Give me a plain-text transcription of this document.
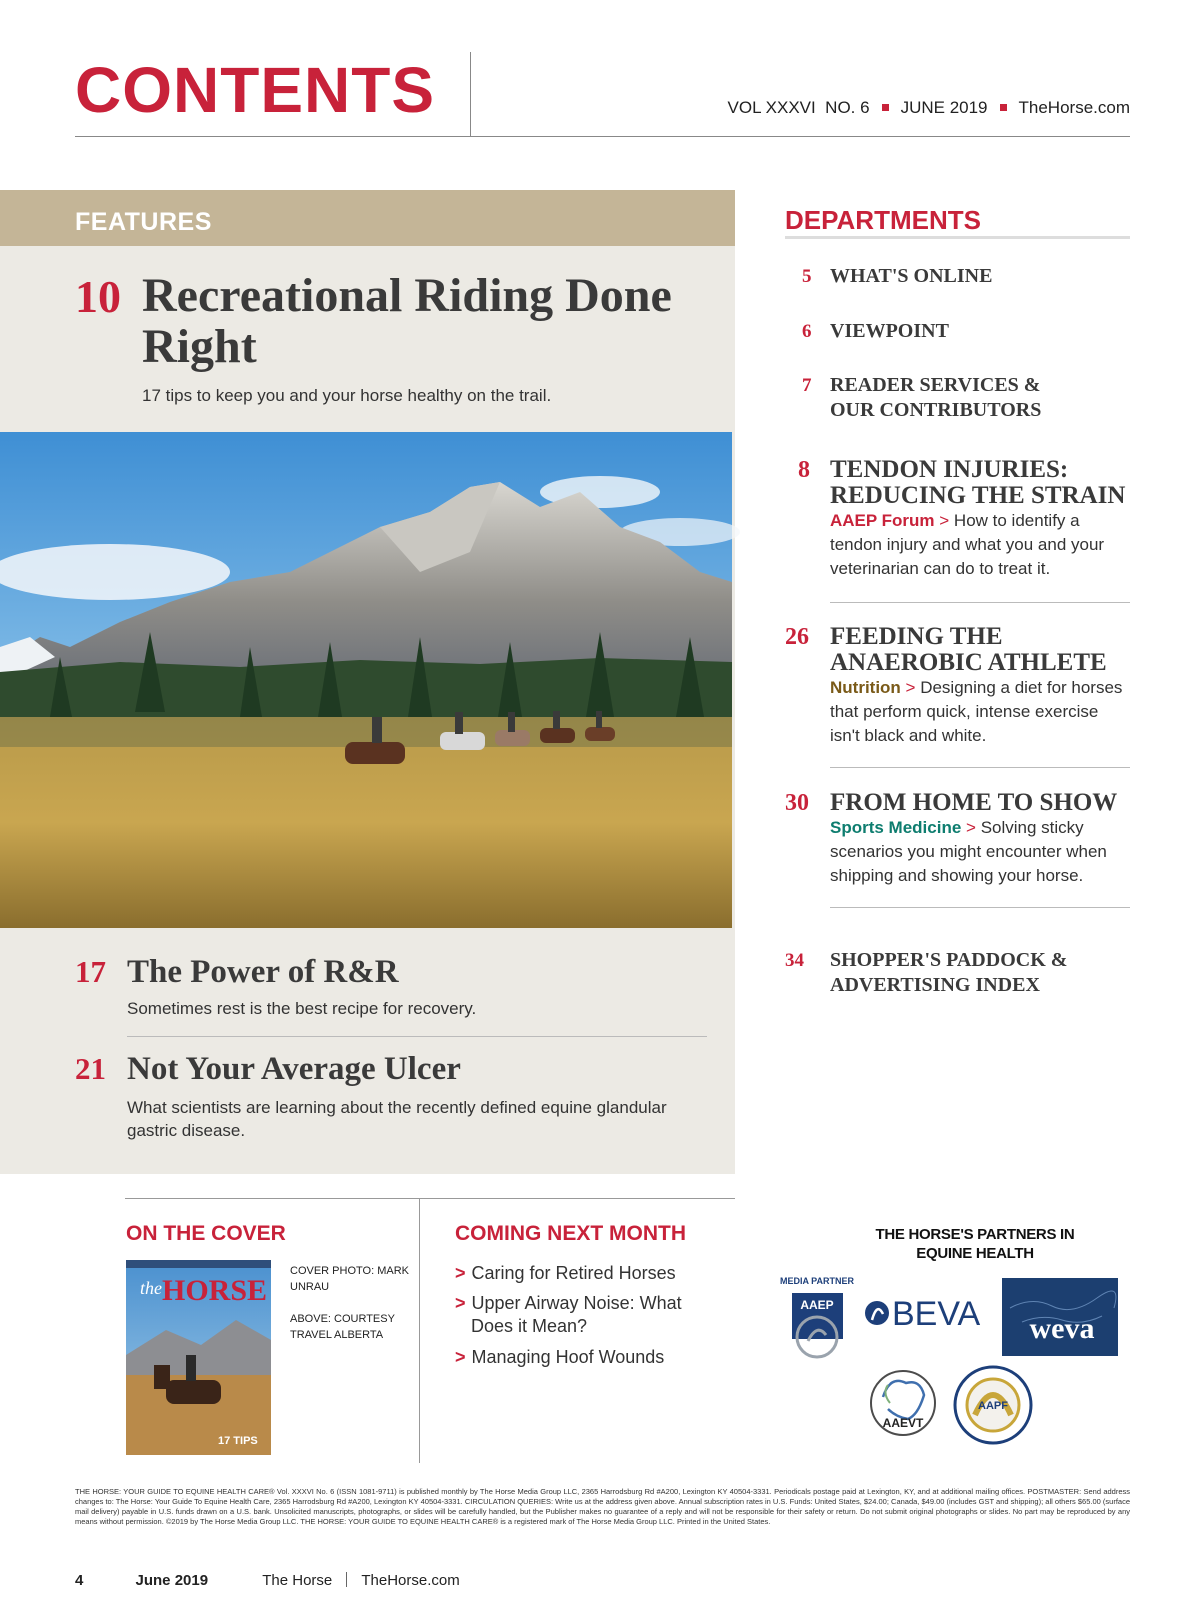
CONTENTS	VOL XXXVI  NO. 6 JUNE 2019 TheHorse.com
FEATURES
10 Recreational Riding Done Right
17 tips to keep you and your horse healthy on the trail.
17 The Power of R&R
Sometimes rest is the best recipe for recovery.
21 Not Your Average Ulcer
What scientists are learning about the recently defined equine glandular gastric disease.
DEPARTMENTS
5 WHAT'S ONLINE
6 VIEWPOINT
7 READER SERVICES & OUR CONTRIBUTORS
8 TENDON INJURIES: REDUCING THE STRAIN
AAEP Forum > How to identify a tendon injury and what you and your veterinarian can do to treat it.
26 FEEDING THE ANAEROBIC ATHLETE
Nutrition > Designing a diet for horses that perform quick, intense exercise isn't black and white.
30 FROM HOME TO SHOW
Sports Medicine > Solving sticky scenarios you might encounter when shipping and showing your horse.
34 SHOPPER'S PADDOCK & ADVERTISING INDEX
ON THE COVER
the HORSE
17 TIPS
COVER PHOTO: MARK UNRAU
ABOVE: COURTESY TRAVEL ALBERTA
COMING NEXT MONTH
> Caring for Retired Horses
> Upper Airway Noise: What Does it Mean?
> Managing Hoof Wounds
THE HORSE'S PARTNERS IN EQUINE HEALTH
MEDIA PARTNER
AAEP BEVA weva
AAEVT
AAPF
THE HORSE: YOUR GUIDE TO EQUINE HEALTH CARE® Vol. XXXVI No. 6 (ISSN 1081-9711) is published monthly by The Horse Media Group LLC, 2365 Harrodsburg Rd #A200, Lexington KY 40504-3331. Periodicals postage paid at Lexington, KY, and at additional mailing offices. POSTMASTER: Send address changes to: The Horse: Your Guide To Equine Health Care, 2365 Harrodsburg Rd #A200, Lexington KY 40504-3331. CIRCULATION QUERIES: Write us at the address given above. Annual subscription rates in U.S. Funds: United States, $24.00; Canada, $49.00 (includes GST and shipping); all others $65.00 (surface mail delivery) payable in U.S. funds drawn on a U.S. bank. Unsolicited manuscripts, photographs, or slides will be carefully handled, but the Publisher makes no guarantee of a reply and will not be responsible for their safety or return. Do not submit original photographs or slides. No part may be reproduced by any means without permission. ©2019 by The Horse Media Group LLC. THE HORSE: YOUR GUIDE TO EQUINE HEALTH CARE® is a registered mark of The Horse Media Group LLC. Printed in the United States.
4	June 2019	The Horse TheHorse.com
